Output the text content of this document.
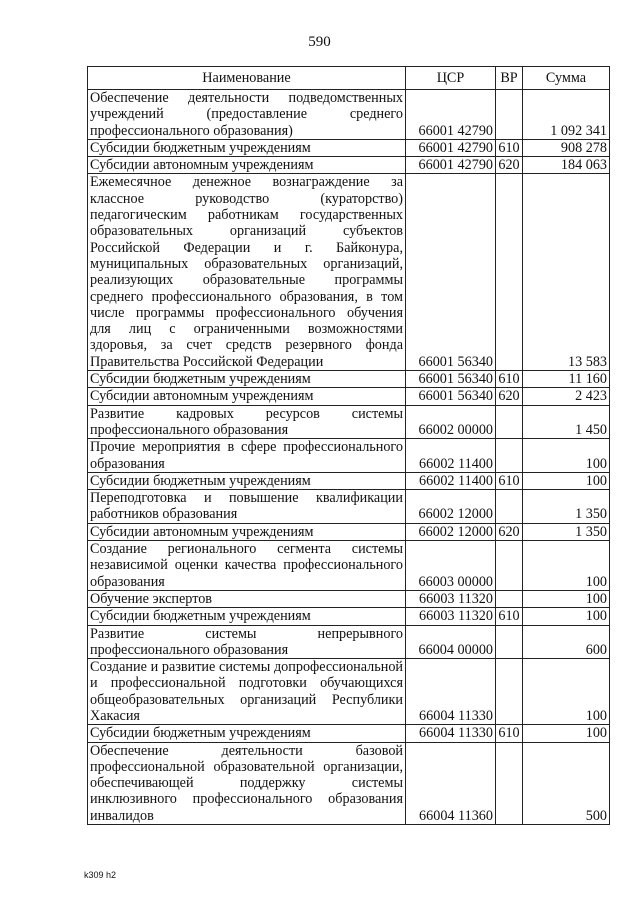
590
Наименование	ЦСР	ВР	Сумма
Обеспечение деятельности подведомственных учреждений (предоставление среднего профессионального образования)	66001 42790		1 092 341
Субсидии бюджетным учреждениям	66001 42790	610	908 278
Субсидии автономным учреждениям	66001 42790	620	184 063
Ежемесячное денежное вознаграждение за классное руководство (кураторство) педагогическим работникам государственных образовательных организаций субъектов Российской Федерации и г. Байконура, муниципальных образовательных организаций, реализующих образовательные программы среднего профессионального образования, в том числе программы профессионального обучения для лиц с ограниченными возможностями здоровья, за счет средств резервного фонда Правительства Российской Федерации	66001 56340		13 583
Субсидии бюджетным учреждениям	66001 56340	610	11 160
Субсидии автономным учреждениям	66001 56340	620	2 423
Развитие кадровых ресурсов системы профессионального образования	66002 00000		1 450
Прочие мероприятия в сфере профессионального образования	66002 11400		100
Субсидии бюджетным учреждениям	66002 11400	610	100
Переподготовка и повышение квалификации работников образования	66002 12000		1 350
Субсидии автономным учреждениям	66002 12000	620	1 350
Создание регионального сегмента системы независимой оценки качества профессионального образования	66003 00000		100
Обучение экспертов	66003 11320		100
Субсидии бюджетным учреждениям	66003 11320	610	100
Развитие системы непрерывного профессионального образования	66004 00000		600
Создание и развитие системы допрофессиональной и профессиональной подготовки обучающихся общеобразовательных организаций Республики Хакасия	66004 11330		100
Субсидии бюджетным учреждениям	66004 11330	610	100
Обеспечение деятельности базовой профессиональной образовательной организации, обеспечивающей поддержку системы инклюзивного профессионального образования инвалидов	66004 11360		500
k309 h2
